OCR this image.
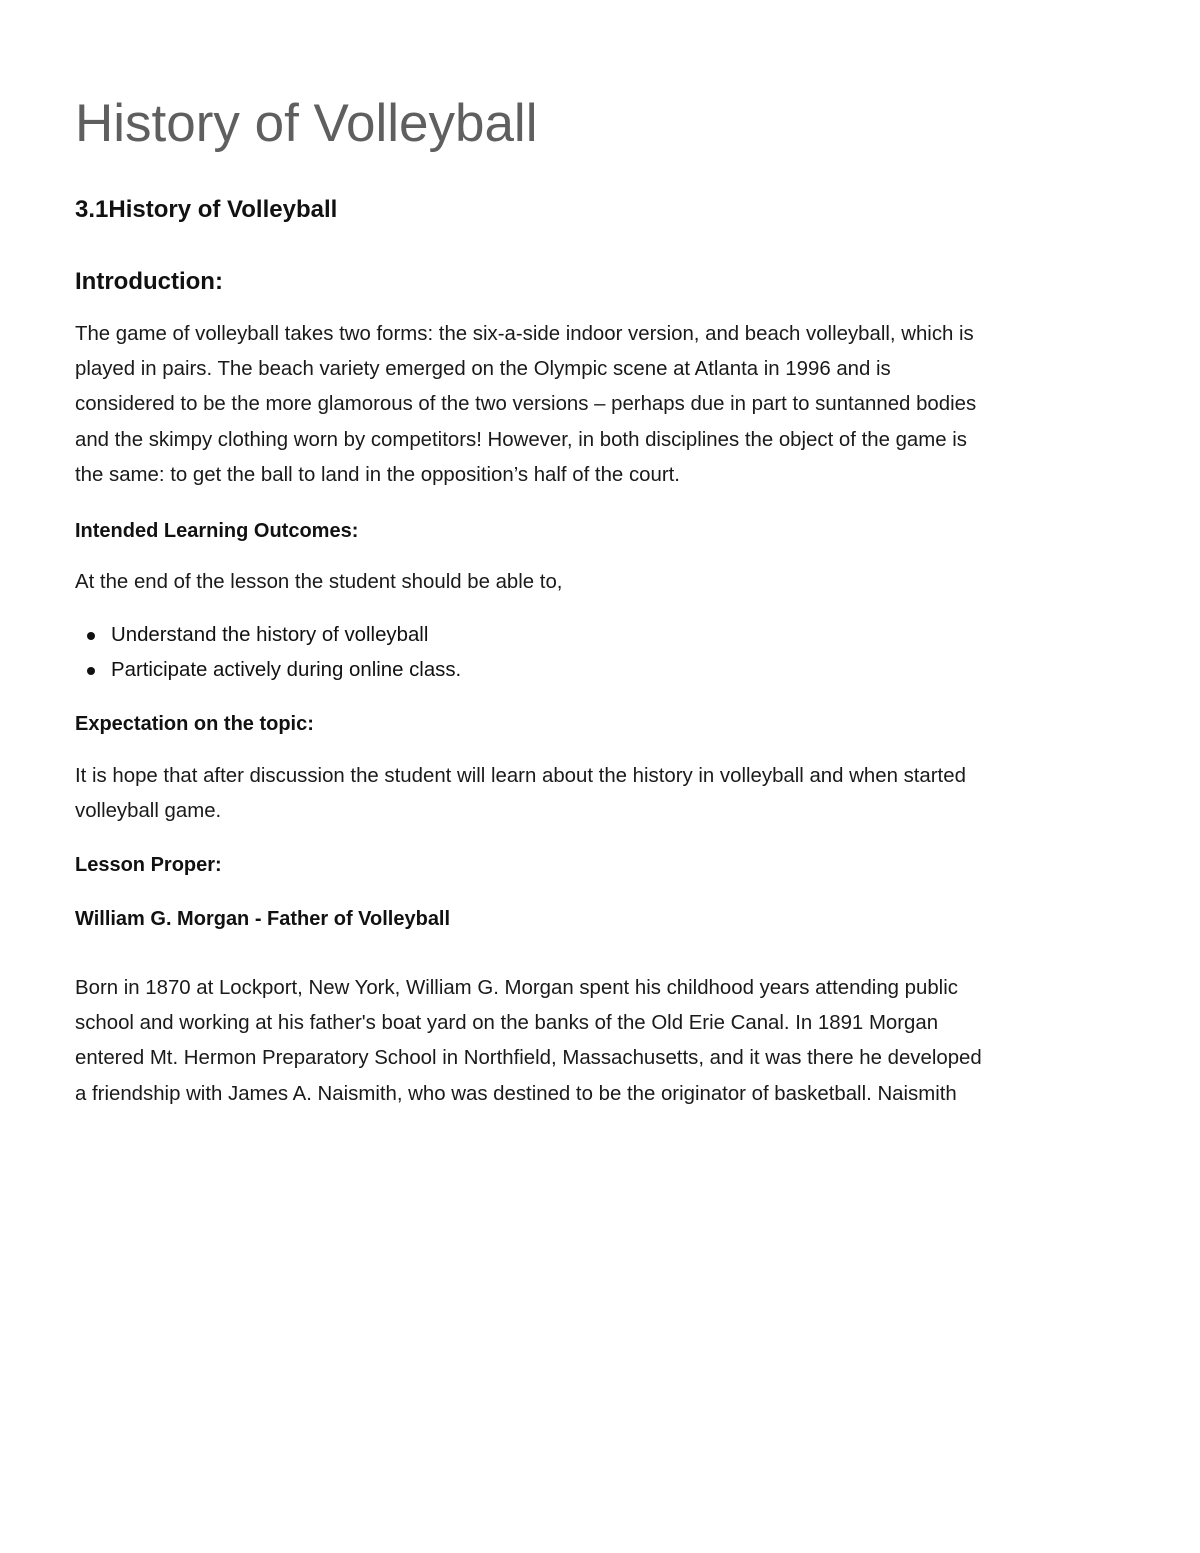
History of Volleyball
3.1History of Volleyball
Introduction:

The game of volleyball takes two forms: the six-a-side indoor version, and beach volleyball, which is
played in pairs. The beach variety emerged on the Olympic scene at Atlanta in 1996 and is
considered to be the more glamorous of the two versions – perhaps due in part to suntanned bodies
and the skimpy clothing worn by competitors! However, in both disciplines the object of the game is
the same: to get the ball to land in the opposition’s half of the court.

Intended Learning Outcomes:

At the end of the lesson the student should be able to,

Understand the history of volleyball
Participate actively during online class.
Expectation on the topic:

It is hope that after discussion the student will learn about the history in volleyball and when started
volleyball game.

Lesson Proper:
William G. Morgan - Father of Volleyball

Born in 1870 at Lockport, New York, William G. Morgan spent his childhood years attending public
school and working at his father's boat yard on the banks of the Old Erie Canal. In 1891 Morgan
entered Mt. Hermon Preparatory School in Northfield, Massachusetts, and it was there he developed
a friendship with James A. Naismith, who was destined to be the originator of basketball. Naismith
